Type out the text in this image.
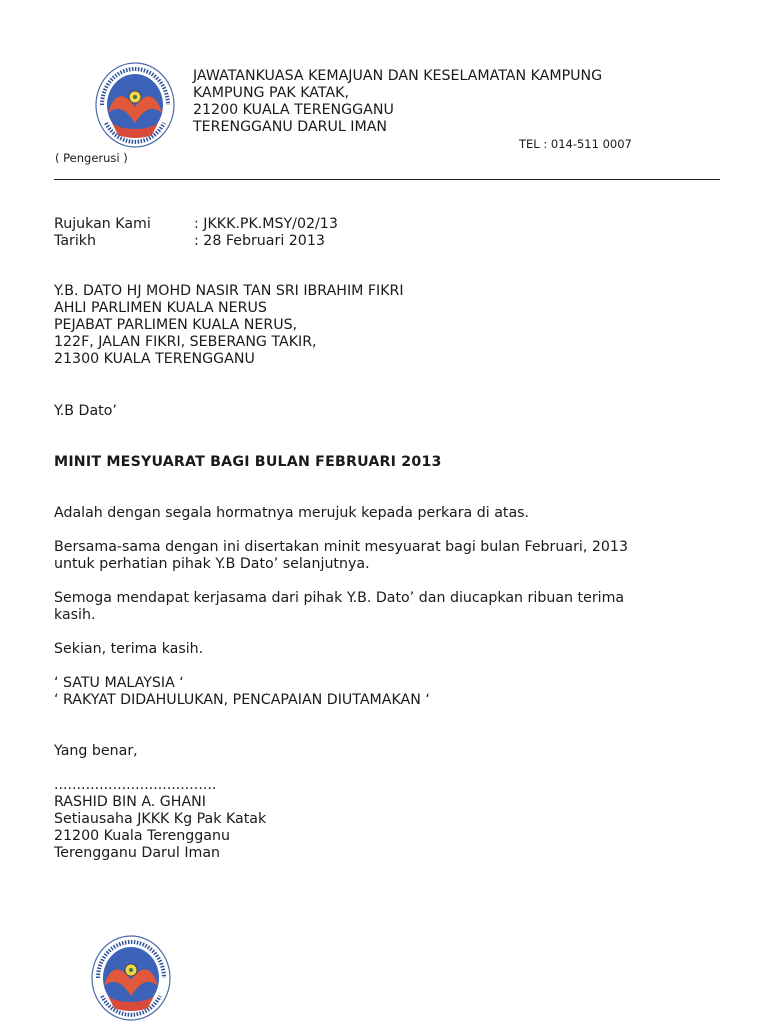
JAWATANKUASA KEMAJUAN DAN KESELAMATAN KAMPUNG
KAMPUNG PAK KATAK,
21200 KUALA TERENGGANU
TERENGGANU DARUL IMAN
TEL : 014-511 0007
( Pengerusi )
Rujukan Kami	: JKKK.PK.MSY/02/13
Tarikh	: 28 Februari 2013
Y.B. DATO HJ MOHD NASIR TAN SRI IBRAHIM FIKRI
AHLI PARLIMEN KUALA NERUS
PEJABAT PARLIMEN KUALA NERUS,
122F, JALAN FIKRI, SEBERANG TAKIR,
21300 KUALA TERENGGANU
Y.B Dato’
MINIT MESYUARAT BAGI BULAN FEBRUARI 2013
Adalah dengan segala hormatnya merujuk kepada perkara di atas.
Bersama-sama dengan ini disertakan minit mesyuarat bagi bulan Februari, 2013
untuk perhatian pihak Y.B Dato’ selanjutnya.
Semoga mendapat kerjasama dari pihak Y.B. Dato’ dan diucapkan ribuan terima
kasih.
Sekian, terima kasih.
‘ SATU MALAYSIA ‘
‘ RAKYAT DIDAHULUKAN, PENCAPAIAN DIUTAMAKAN ‘
Yang benar,
....................................
RASHID BIN A. GHANI
Setiausaha JKKK Kg Pak Katak
21200 Kuala Terengganu
Terengganu Darul Iman
